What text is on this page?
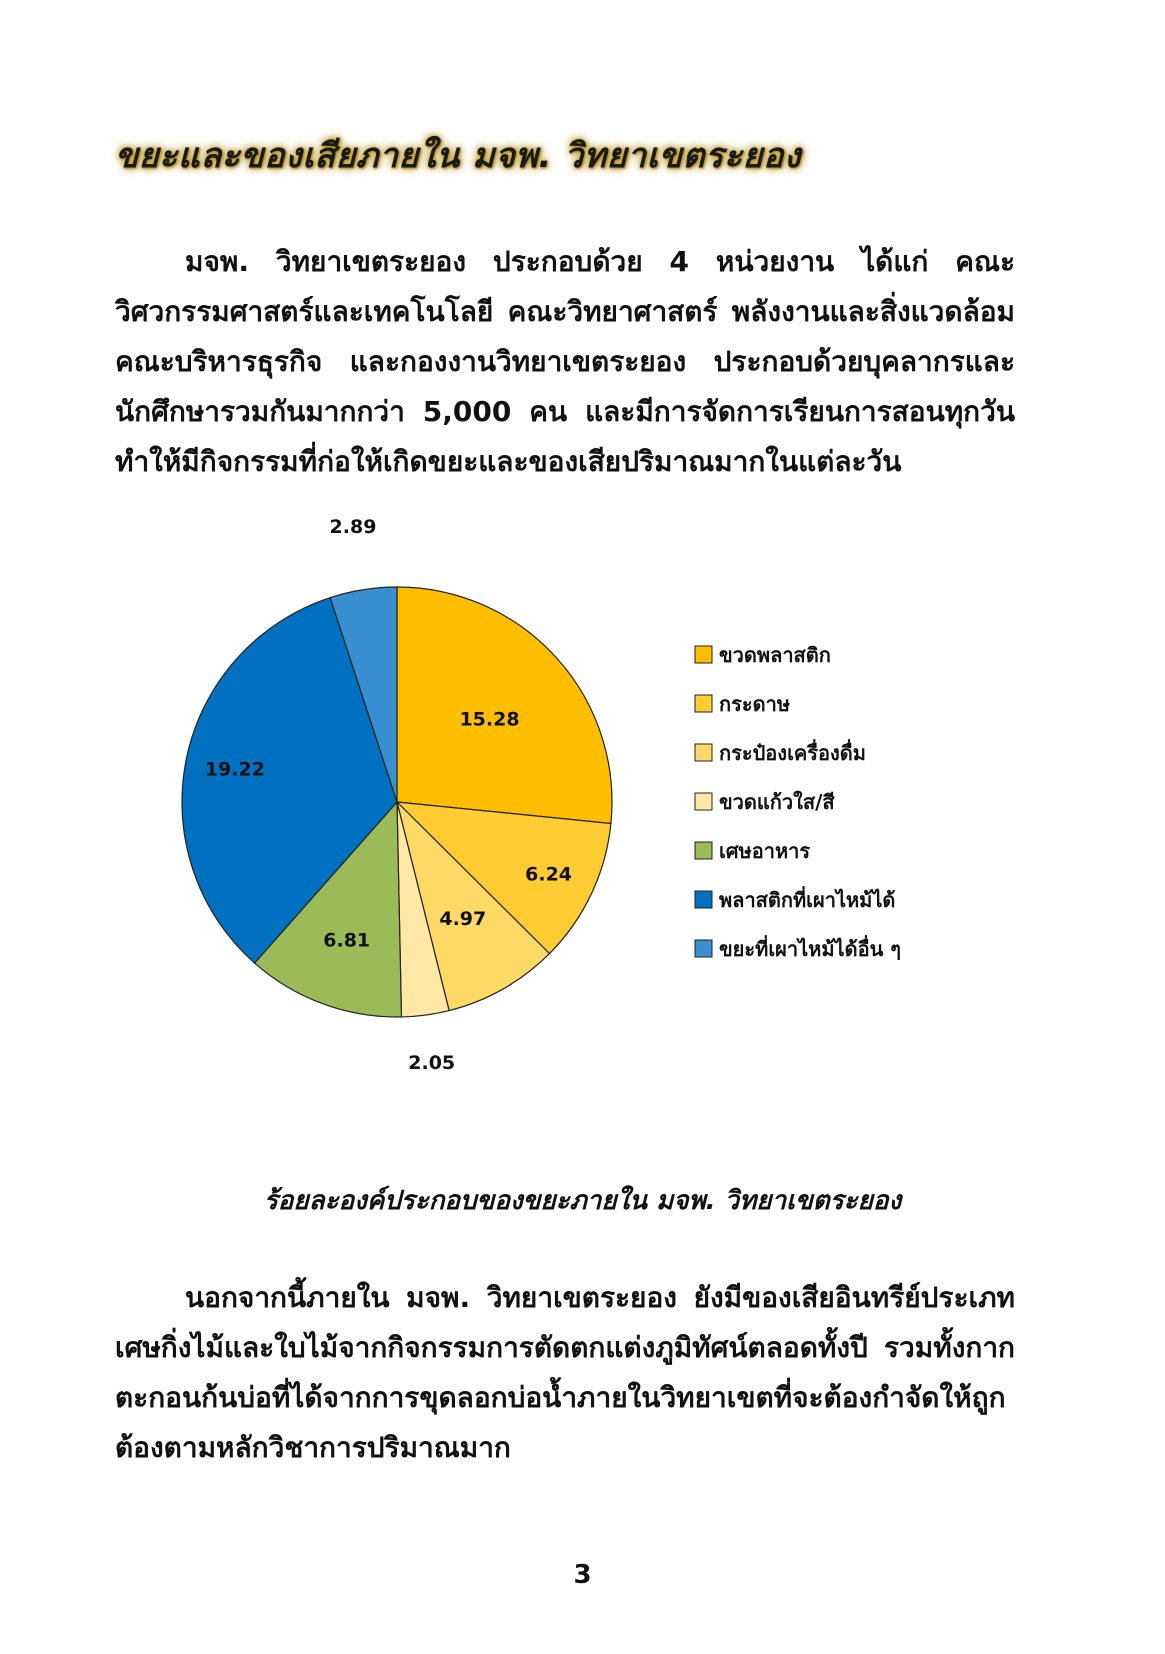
ขยะและของเสียภายใน มจพ. วิทยาเขตระยอง

มจพ. วิทยาเขตระยอง ประกอบด้วย 4 หน่วยงาน ได้แก่ คณะวิศวกรรมศาสตร์และเทคโนโลยี คณะวิทยาศาสตร์ พลังงานและสิ่งแวดล้อม คณะบริหารธุรกิจ และกองงานวิทยาเขตระยอง ประกอบด้วยบุคลากรและนักศึกษารวมกันมากกว่า 5,000 คน และมีการจัดการเรียนการสอนทุกวันทำให้มีกิจกรรมที่ก่อให้เกิดขยะและของเสียปริมาณมากในแต่ละวัน

15.28
6.24
4.97
2.05
6.81
19.22
2.89
ขวดพลาสติก
กระดาษ
กระป๋องเครื่องดื่ม
ขวดแก้วใส/สี
เศษอาหาร
พลาสติกที่เผาไหม้ได้
ขยะที่เผาไหม้ได้อื่น ๆ
ร้อยละองค์ประกอบของขยะภายใน มจพ. วิทยาเขตระยอง

นอกจากนี้ภายใน มจพ. วิทยาเขตระยอง ยังมีของเสียอินทรีย์ประเภทเศษกิ่งไม้และใบไม้จากกิจกรรมการตัดตกแต่งภูมิทัศน์ตลอดทั้งปี รวมทั้งกากตะกอนก้นบ่อที่ได้จากการขุดลอกบ่อน้ำภายในวิทยาเขตที่จะต้องกำจัดให้ถูกต้องตามหลักวิชาการปริมาณมาก

3
